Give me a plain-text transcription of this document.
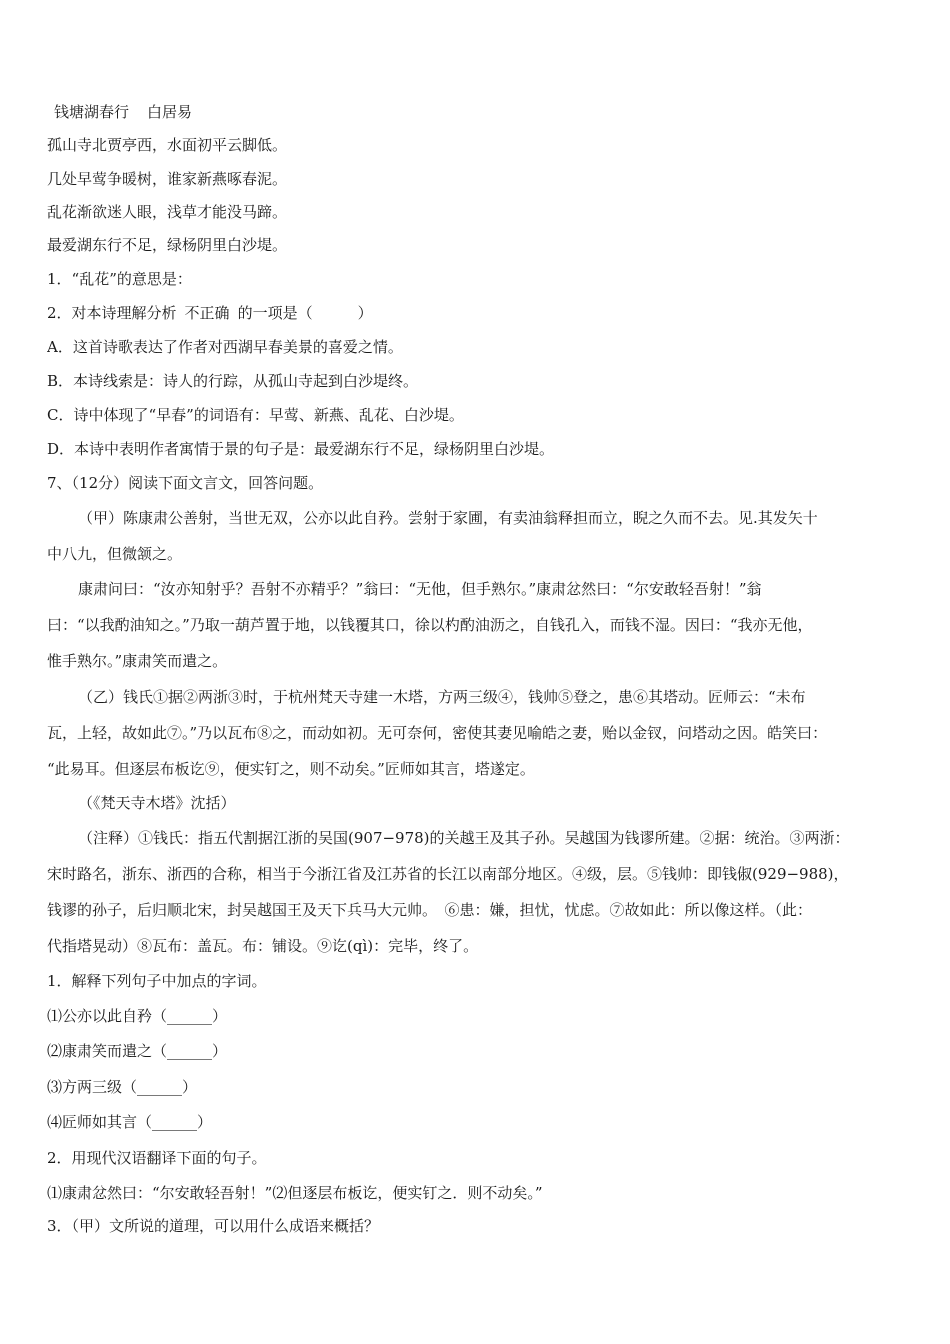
钱塘湖春行 白居易
孤山寺北贾亭西，水面初平云脚低。
几处早莺争暖树，谁家新燕啄春泥。
乱花渐欲迷人眼，浅草才能没马蹄。
最爱湖东行不足，绿杨阴里白沙堤。
1．“乱花”的意思是：
2．对本诗理解分析 不正确 的一项是（　　　）
A．这首诗歌表达了作者对西湖早春美景的喜爱之情。
B．本诗线索是：诗人的行踪，从孤山寺起到白沙堤终。
C．诗中体现了“早春”的词语有：早莺、新燕、乱花、白沙堤。
D．本诗中表明作者寓情于景的句子是：最爱湖东行不足，绿杨阴里白沙堤。
7、（12分）阅读下面文言文，回答问题。
（甲）陈康肃公善射，当世无双，公亦以此自矜。尝射于家圃，有卖油翁释担而立，睨之久而不去。见.其发矢十
中八九，但微颔之。
康肃问曰：“汝亦知射乎？吾射不亦精乎？”翁曰：“无他，但手熟尔。”康肃忿然曰：“尔安敢轻吾射！”翁
曰：“以我酌油知之。”乃取一葫芦置于地，以钱覆其口，徐以杓酌油沥之，自钱孔入，而钱不湿。因曰：“我亦无他，
惟手熟尔。”康肃笑而遣之。
（乙）钱氏①据②两浙③时，于杭州梵天寺建一木塔，方两三级④，钱帅⑤登之，患⑥其塔动。匠师云：“未布
瓦，上轻，故如此⑦。”乃以瓦布⑧之，而动如初。无可奈何，密使其妻见喻皓之妻，贻以金钗，问塔动之因。皓笑曰：
“此易耳。但逐层布板讫⑨，便实钉之，则不动矣。”匠师如其言，塔遂定。
（《梵天寺木塔》沈括）
（注释）①钱氏：指五代割据江浙的吴国(907−978)的关越王及其子孙。吴越国为钱谬所建。②据：统治。③两浙：
宋时路名，浙东、浙西的合称，相当于今浙江省及江苏省的长江以南部分地区。④级，层。⑤钱帅：即钱俶(929−988)，
钱谬的孙子，后归顺北宋，封吴越国王及天下兵马大元帅。　⑥患：嫌，担忧，忧虑。⑦故如此：所以像这样。（此：
代指塔晃动）⑧瓦布：盖瓦。布：铺设。⑨讫(qì)：完毕，终了。
1．解释下列句子中加点的字词。
⑴公亦以此自矜（______）
⑵康肃笑而遣之（______）
⑶方两三级（______）
⑷匠师如其言（______）
2．用现代汉语翻译下面的句子。
⑴康肃忿然曰：“尔安敢轻吾射！”⑵但逐层布板讫，便实钉之．则不动矣。”
3．（甲）文所说的道理，可以用什么成语来概括？
